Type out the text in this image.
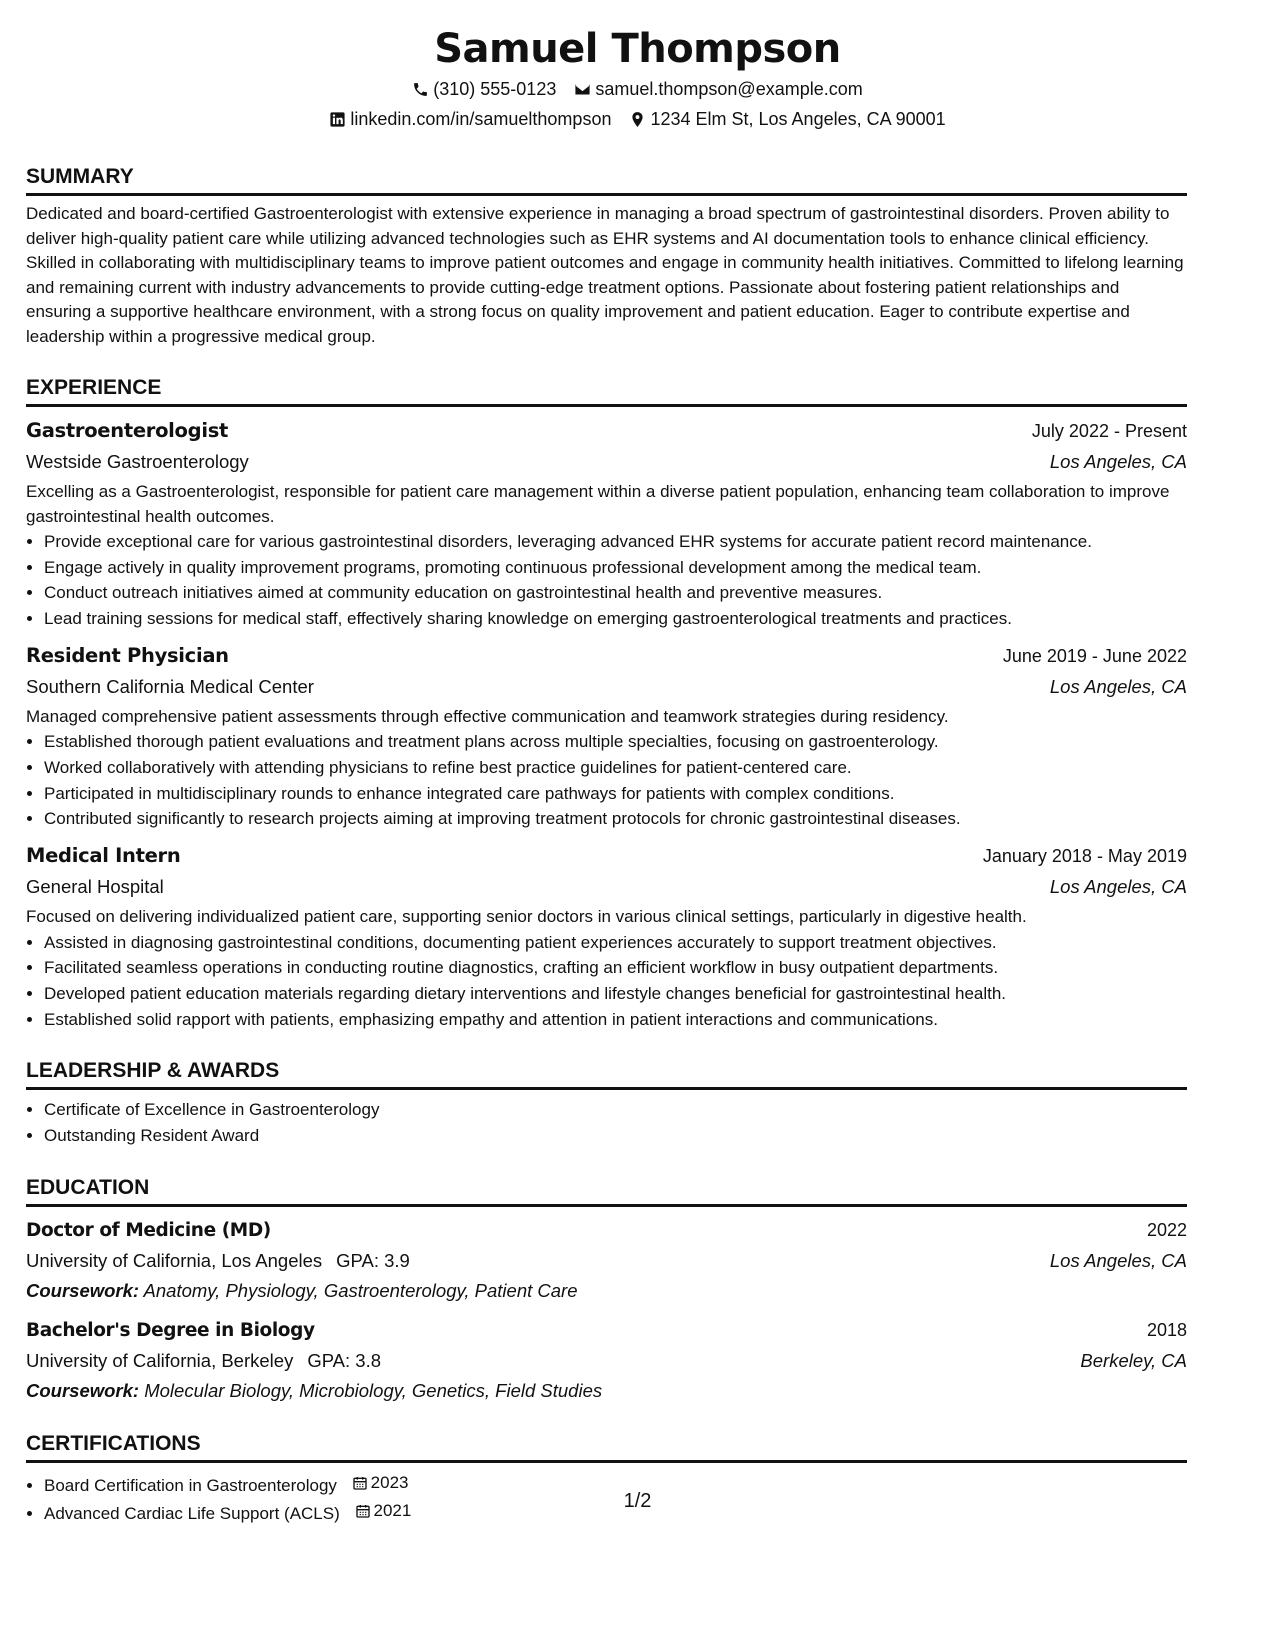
Samuel Thompson
(310) 555-0123 samuel.thompson@example.com
linkedin.com/in/samuelthompson 1234 Elm St, Los Angeles, CA 90001
SUMMARY
Dedicated and board-certified Gastroenterologist with extensive experience in managing a broad spectrum of gastrointestinal disorders. Proven ability to deliver high-quality patient care while utilizing advanced technologies such as EHR systems and AI documentation tools to enhance clinical efficiency. Skilled in collaborating with multidisciplinary teams to improve patient outcomes and engage in community health initiatives. Committed to lifelong learning and remaining current with industry advancements to provide cutting-edge treatment options. Passionate about fostering patient relationships and ensuring a supportive healthcare environment, with a strong focus on quality improvement and patient education. Eager to contribute expertise and leadership within a progressive medical group.
EXPERIENCE
Gastroenterologist	July 2022 - Present
Westside Gastroenterology	Los Angeles, CA
Excelling as a Gastroenterologist, responsible for patient care management within a diverse patient population, enhancing team collaboration to improve gastrointestinal health outcomes.
• Provide exceptional care for various gastrointestinal disorders, leveraging advanced EHR systems for accurate patient record maintenance.
• Engage actively in quality improvement programs, promoting continuous professional development among the medical team.
• Conduct outreach initiatives aimed at community education on gastrointestinal health and preventive measures.
• Lead training sessions for medical staff, effectively sharing knowledge on emerging gastroenterological treatments and practices.
Resident Physician	June 2019 - June 2022
Southern California Medical Center	Los Angeles, CA
Managed comprehensive patient assessments through effective communication and teamwork strategies during residency.
• Established thorough patient evaluations and treatment plans across multiple specialties, focusing on gastroenterology.
• Worked collaboratively with attending physicians to refine best practice guidelines for patient-centered care.
• Participated in multidisciplinary rounds to enhance integrated care pathways for patients with complex conditions.
• Contributed significantly to research projects aiming at improving treatment protocols for chronic gastrointestinal diseases.
Medical Intern	January 2018 - May 2019
General Hospital	Los Angeles, CA
Focused on delivering individualized patient care, supporting senior doctors in various clinical settings, particularly in digestive health.
• Assisted in diagnosing gastrointestinal conditions, documenting patient experiences accurately to support treatment objectives.
• Facilitated seamless operations in conducting routine diagnostics, crafting an efficient workflow in busy outpatient departments.
• Developed patient education materials regarding dietary interventions and lifestyle changes beneficial for gastrointestinal health.
• Established solid rapport with patients, emphasizing empathy and attention in patient interactions and communications.
LEADERSHIP & AWARDS
• Certificate of Excellence in Gastroenterology
• Outstanding Resident Award
EDUCATION
Doctor of Medicine (MD)	2022
University of California, Los Angeles GPA: 3.9	Los Angeles, CA
Coursework: Anatomy, Physiology, Gastroenterology, Patient Care
Bachelor's Degree in Biology	2018
University of California, Berkeley GPA: 3.8	Berkeley, CA
Coursework: Molecular Biology, Microbiology, Genetics, Field Studies
CERTIFICATIONS
• Board Certification in Gastroenterology 2023
• Advanced Cardiac Life Support (ACLS) 2021	1/2
